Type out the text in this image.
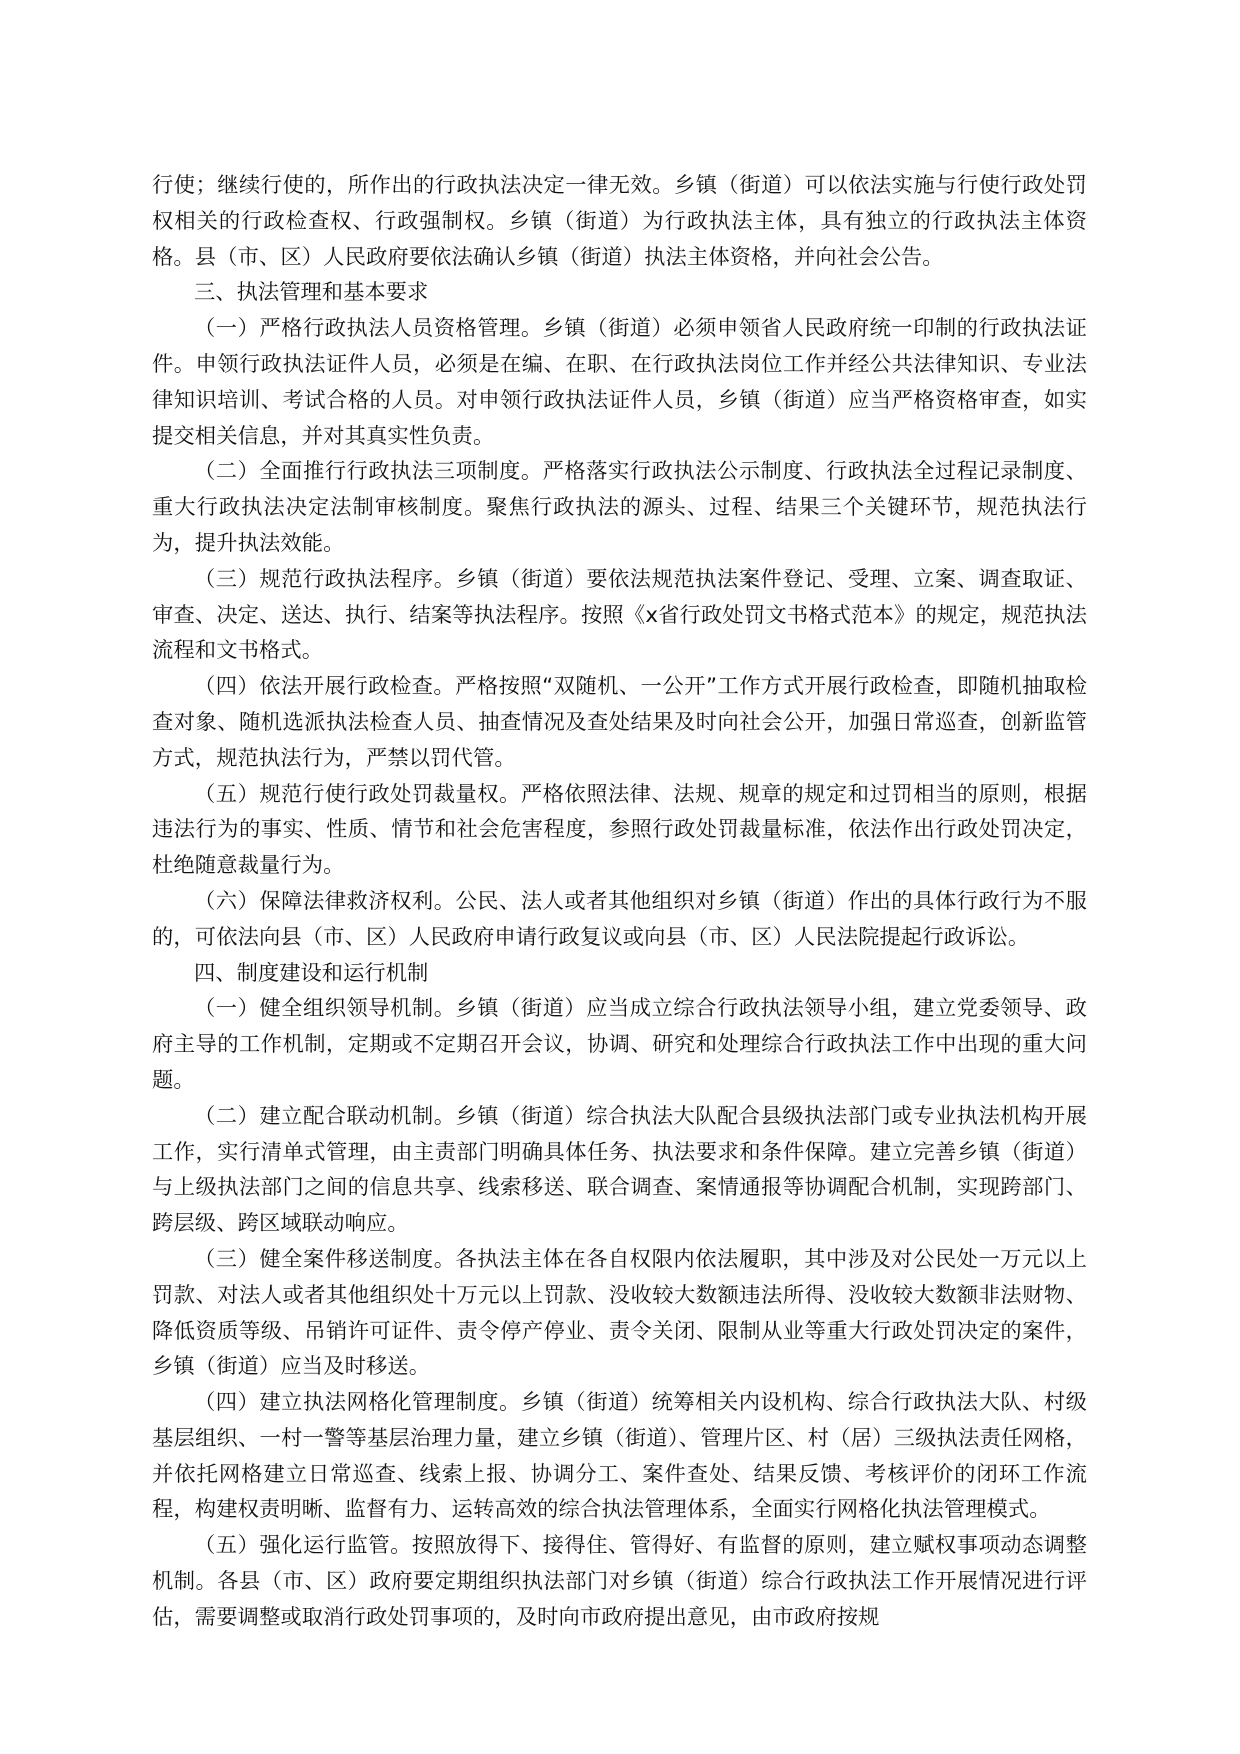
行使；继续行使的，所作出的行政执法决定一律无效。乡镇（街道）可以依法实施与行使行政处罚权相关的行政检查权、行政强制权。乡镇（街道）为行政执法主体，具有独立的行政执法主体资格。县（市、区）人民政府要依法确认乡镇（街道）执法主体资格，并向社会公告。

三、执法管理和基本要求

（一）严格行政执法人员资格管理。乡镇（街道）必须申领省人民政府统一印制的行政执法证件。申领行政执法证件人员，必须是在编、在职、在行政执法岗位工作并经公共法律知识、专业法律知识培训、考试合格的人员。对申领行政执法证件人员，乡镇（街道）应当严格资格审查，如实提交相关信息，并对其真实性负责。

（二）全面推行行政执法三项制度。严格落实行政执法公示制度、行政执法全过程记录制度、重大行政执法决定法制审核制度。聚焦行政执法的源头、过程、结果三个关键环节，规范执法行为，提升执法效能。

（三）规范行政执法程序。乡镇（街道）要依法规范执法案件登记、受理、立案、调查取证、审查、决定、送达、执行、结案等执法程序。按照《x省行政处罚文书格式范本》的规定，规范执法流程和文书格式。

（四）依法开展行政检查。严格按照“双随机、一公开”工作方式开展行政检查，即随机抽取检查对象、随机选派执法检查人员、抽查情况及查处结果及时向社会公开，加强日常巡查，创新监管方式，规范执法行为，严禁以罚代管。

（五）规范行使行政处罚裁量权。严格依照法律、法规、规章的规定和过罚相当的原则，根据违法行为的事实、性质、情节和社会危害程度，参照行政处罚裁量标准，依法作出行政处罚决定，杜绝随意裁量行为。

（六）保障法律救济权利。公民、法人或者其他组织对乡镇（街道）作出的具体行政行为不服的，可依法向县（市、区）人民政府申请行政复议或向县（市、区）人民法院提起行政诉讼。

四、制度建设和运行机制

（一）健全组织领导机制。乡镇（街道）应当成立综合行政执法领导小组，建立党委领导、政府主导的工作机制，定期或不定期召开会议，协调、研究和处理综合行政执法工作中出现的重大问题。

（二）建立配合联动机制。乡镇（街道）综合执法大队配合县级执法部门或专业执法机构开展工作，实行清单式管理，由主责部门明确具体任务、执法要求和条件保障。建立完善乡镇（街道）与上级执法部门之间的信息共享、线索移送、联合调查、案情通报等协调配合机制，实现跨部门、跨层级、跨区域联动响应。

（三）健全案件移送制度。各执法主体在各自权限内依法履职，其中涉及对公民处一万元以上罚款、对法人或者其他组织处十万元以上罚款、没收较大数额违法所得、没收较大数额非法财物、降低资质等级、吊销许可证件、责令停产停业、责令关闭、限制从业等重大行政处罚决定的案件，乡镇（街道）应当及时移送。

（四）建立执法网格化管理制度。乡镇（街道）统筹相关内设机构、综合行政执法大队、村级基层组织、一村一警等基层治理力量，建立乡镇（街道）、管理片区、村（居）三级执法责任网格，并依托网格建立日常巡查、线索上报、协调分工、案件查处、结果反馈、考核评价的闭环工作流程，构建权责明晰、监督有力、运转高效的综合执法管理体系，全面实行网格化执法管理模式。

（五）强化运行监管。按照放得下、接得住、管得好、有监督的原则，建立赋权事项动态调整机制。各县（市、区）政府要定期组织执法部门对乡镇（街道）综合行政执法工作开展情况进行评估，需要调整或取消行政处罚事项的，及时向市政府提出意见，由市政府按规
